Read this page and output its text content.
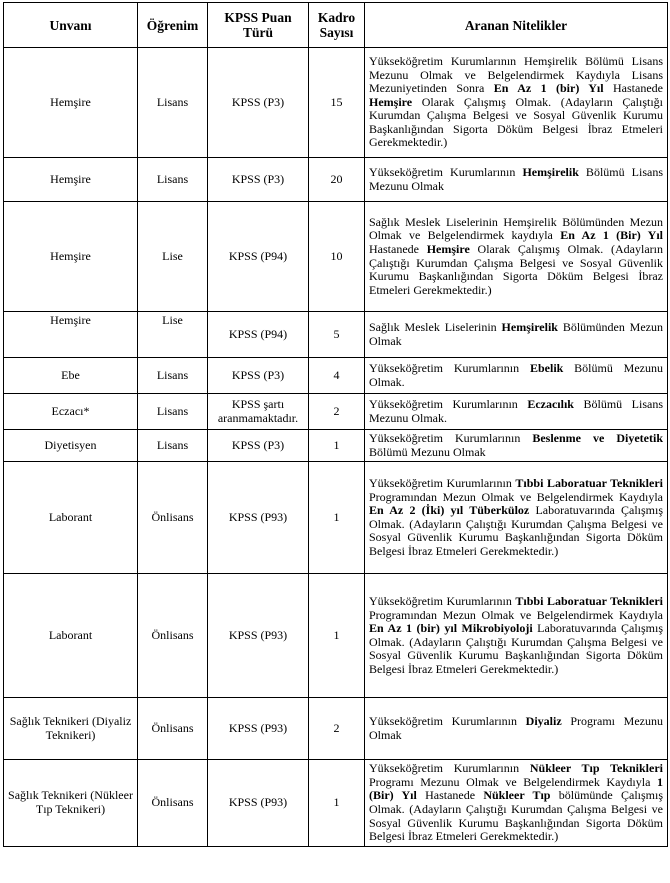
Unvanı	Öğrenim	KPSS Puan Türü	Kadro Sayısı	Aranan Nitelikler
Hemşire	Lisans	KPSS (P3)	15	Yükseköğretim Kurumlarının Hemşirelik Bölümü Lisans Mezunu Olmak ve Belgelendirmek Kaydıyla Lisans Mezuniyetinden Sonra En Az 1 (bir) Yıl Hastanede Hemşire Olarak Çalışmış Olmak. (Adayların Çalıştığı Kurumdan Çalışma Belgesi ve Sosyal Güvenlik Kurumu Başkanlığından Sigorta Döküm Belgesi İbraz Etmeleri Gerekmektedir.)
Hemşire	Lisans	KPSS (P3)	20	Yükseköğretim Kurumlarının Hemşirelik Bölümü Lisans Mezunu Olmak
Hemşire	Lise	KPSS (P94)	10	Sağlık Meslek Liselerinin Hemşirelik Bölümünden Mezun Olmak ve Belgelendirmek kaydıyla En Az 1 (Bir) Yıl Hastanede Hemşire Olarak Çalışmış Olmak. (Adayların Çalıştığı Kurumdan Çalışma Belgesi ve Sosyal Güvenlik Kurumu Başkanlığından Sigorta Döküm Belgesi İbraz Etmeleri Gerekmektedir.)
Hemşire	Lise	KPSS (P94)	5	Sağlık Meslek Liselerinin Hemşirelik Bölümünden Mezun Olmak
Ebe	Lisans	KPSS (P3)	4	Yükseköğretim Kurumlarının Ebelik Bölümü Mezunu Olmak.
Eczacı*	Lisans	KPSS şartı aranmamaktadır.	2	Yükseköğretim Kurumlarının Eczacılık Bölümü Lisans Mezunu Olmak.
Diyetisyen	Lisans	KPSS (P3)	1	Yükseköğretim Kurumlarının Beslenme ve Diyetetik Bölümü Mezunu Olmak
Laborant	Önlisans	KPSS (P93)	1	Yükseköğretim Kurumlarının Tıbbi Laboratuar Teknikleri Programından Mezun Olmak ve Belgelendirmek Kaydıyla En Az 2 (İki) yıl Tüberküloz Laboratuvarında Çalışmış Olmak. (Adayların Çalıştığı Kurumdan Çalışma Belgesi ve Sosyal Güvenlik Kurumu Başkanlığından Sigorta Döküm Belgesi İbraz Etmeleri Gerekmektedir.)
Laborant	Önlisans	KPSS (P93)	1	Yükseköğretim Kurumlarının Tıbbi Laboratuar Teknikleri Programından Mezun Olmak ve Belgelendirmek Kaydıyla En Az 1 (bir) yıl Mikrobiyoloji Laboratuvarında Çalışmış Olmak. (Adayların Çalıştığı Kurumdan Çalışma Belgesi ve Sosyal Güvenlik Kurumu Başkanlığından Sigorta Döküm Belgesi İbraz Etmeleri Gerekmektedir.)
Sağlık Teknikeri (Diyaliz Teknikeri)	Önlisans	KPSS (P93)	2	Yükseköğretim Kurumlarının Diyaliz Programı Mezunu Olmak
Sağlık Teknikeri (Nükleer Tıp Teknikeri)	Önlisans	KPSS (P93)	1	Yükseköğretim Kurumlarının Nükleer Tıp Teknikleri Programı Mezunu Olmak ve Belgelendirmek Kaydıyla 1 (Bir) Yıl Hastanede Nükleer Tıp bölümünde Çalışmış Olmak. (Adayların Çalıştığı Kurumdan Çalışma Belgesi ve Sosyal Güvenlik Kurumu Başkanlığından Sigorta Döküm Belgesi İbraz Etmeleri Gerekmektedir.)
